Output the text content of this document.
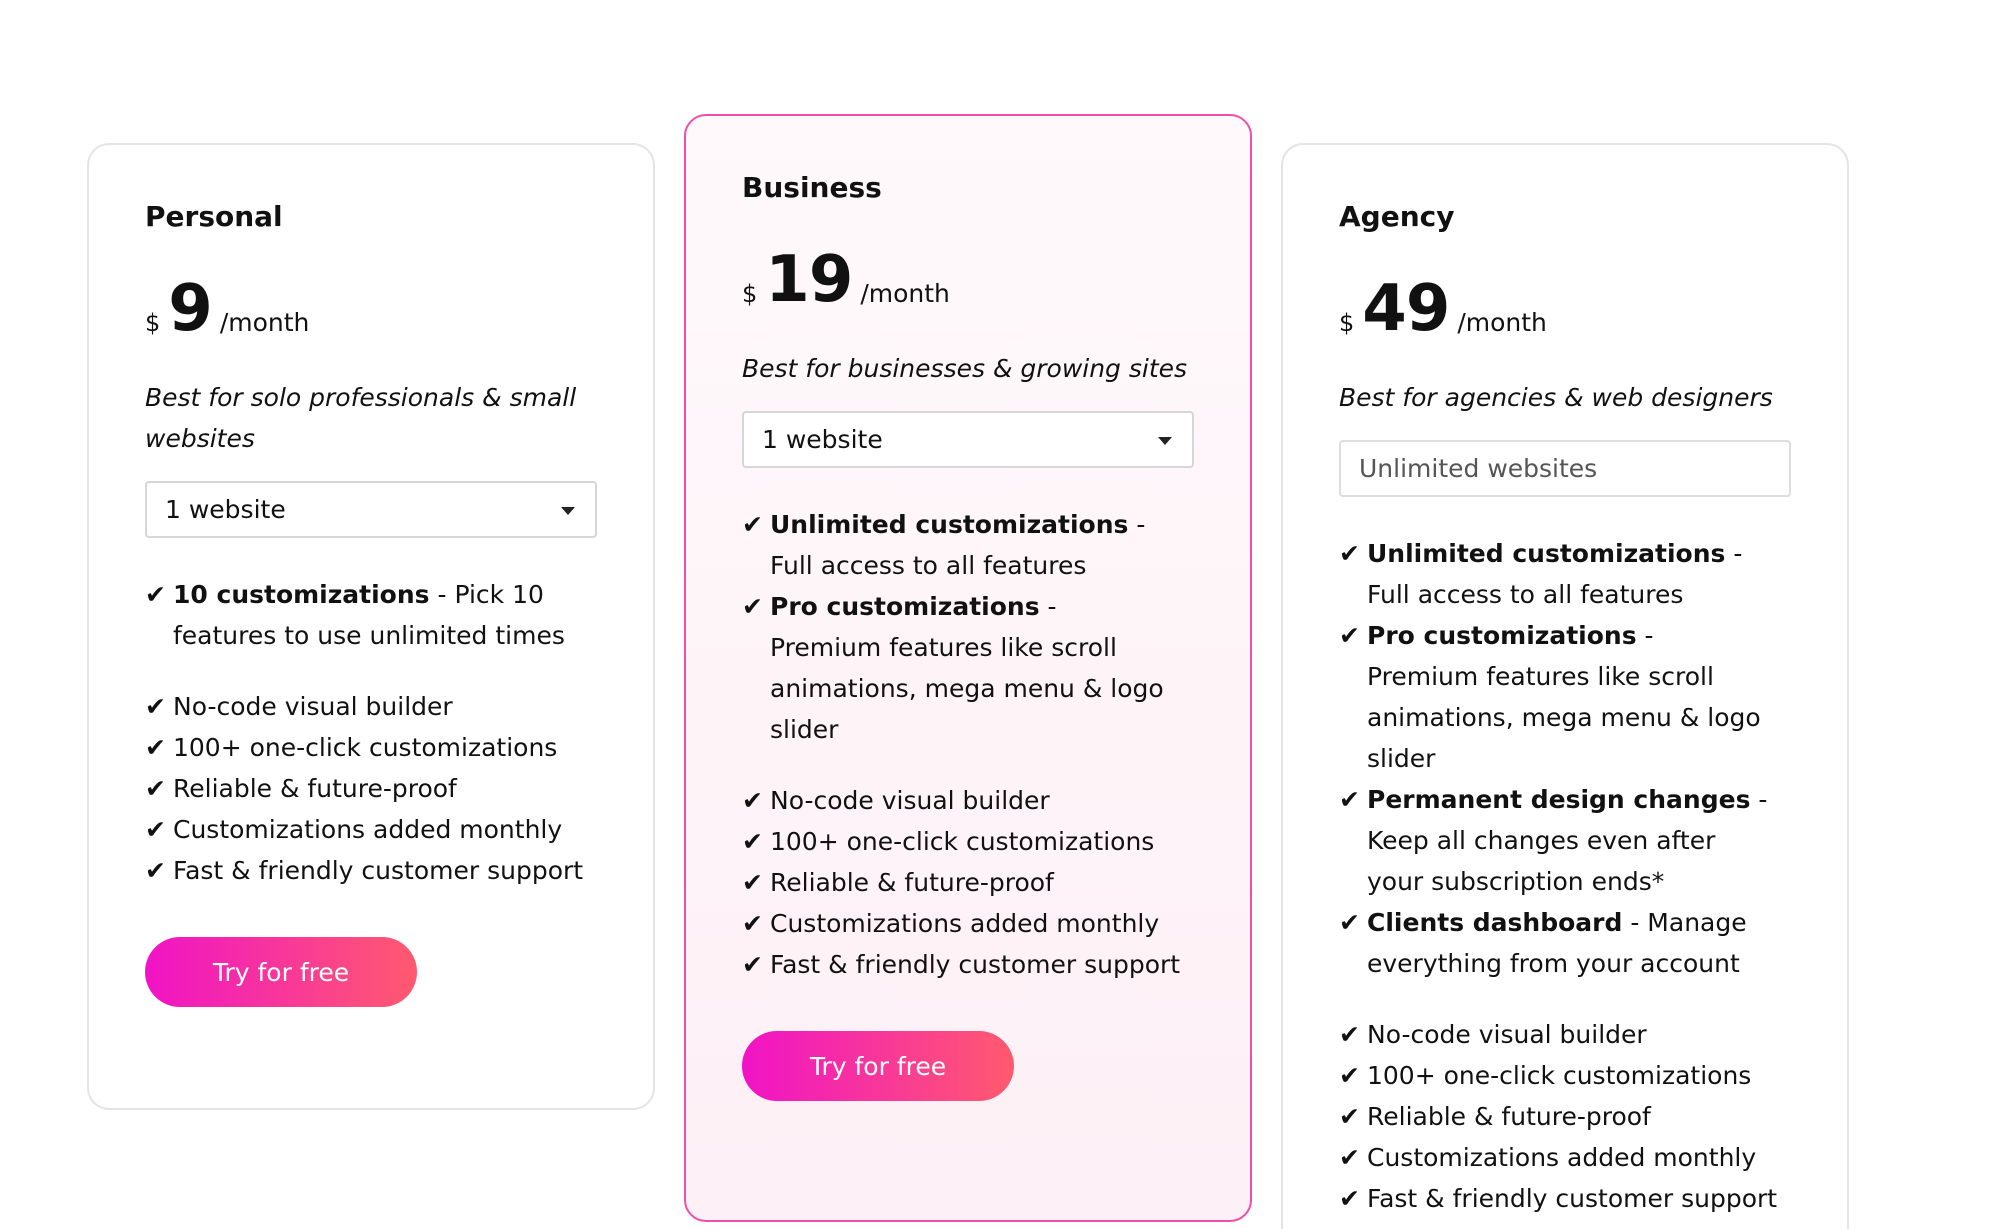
Personal
$ 9 /month
Best for solo professionals & small websites
1 website
✔ 10 customizations - Pick 10 features to use unlimited times
✔ No-code visual builder
✔ 100+ one-click customizations
✔ Reliable & future-proof
✔ Customizations added monthly
✔ Fast & friendly customer support
Try for free
Business
$ 19 /month
Best for businesses & growing sites
1 website
✔ Unlimited customizations - Full access to all features
✔ Pro customizations - Premium features like scroll animations, mega menu & logo slider
✔ No-code visual builder
✔ 100+ one-click customizations
✔ Reliable & future-proof
✔ Customizations added monthly
✔ Fast & friendly customer support
Try for free
Agency
$ 49 /month
Best for agencies & web designers
Unlimited websites
✔ Unlimited customizations - Full access to all features
✔ Pro customizations - Premium features like scroll animations, mega menu & logo slider
✔ Permanent design changes - Keep all changes even after your subscription ends*
✔ Clients dashboard - Manage everything from your account
✔ No-code visual builder
✔ 100+ one-click customizations
✔ Reliable & future-proof
✔ Customizations added monthly
✔ Fast & friendly customer support
